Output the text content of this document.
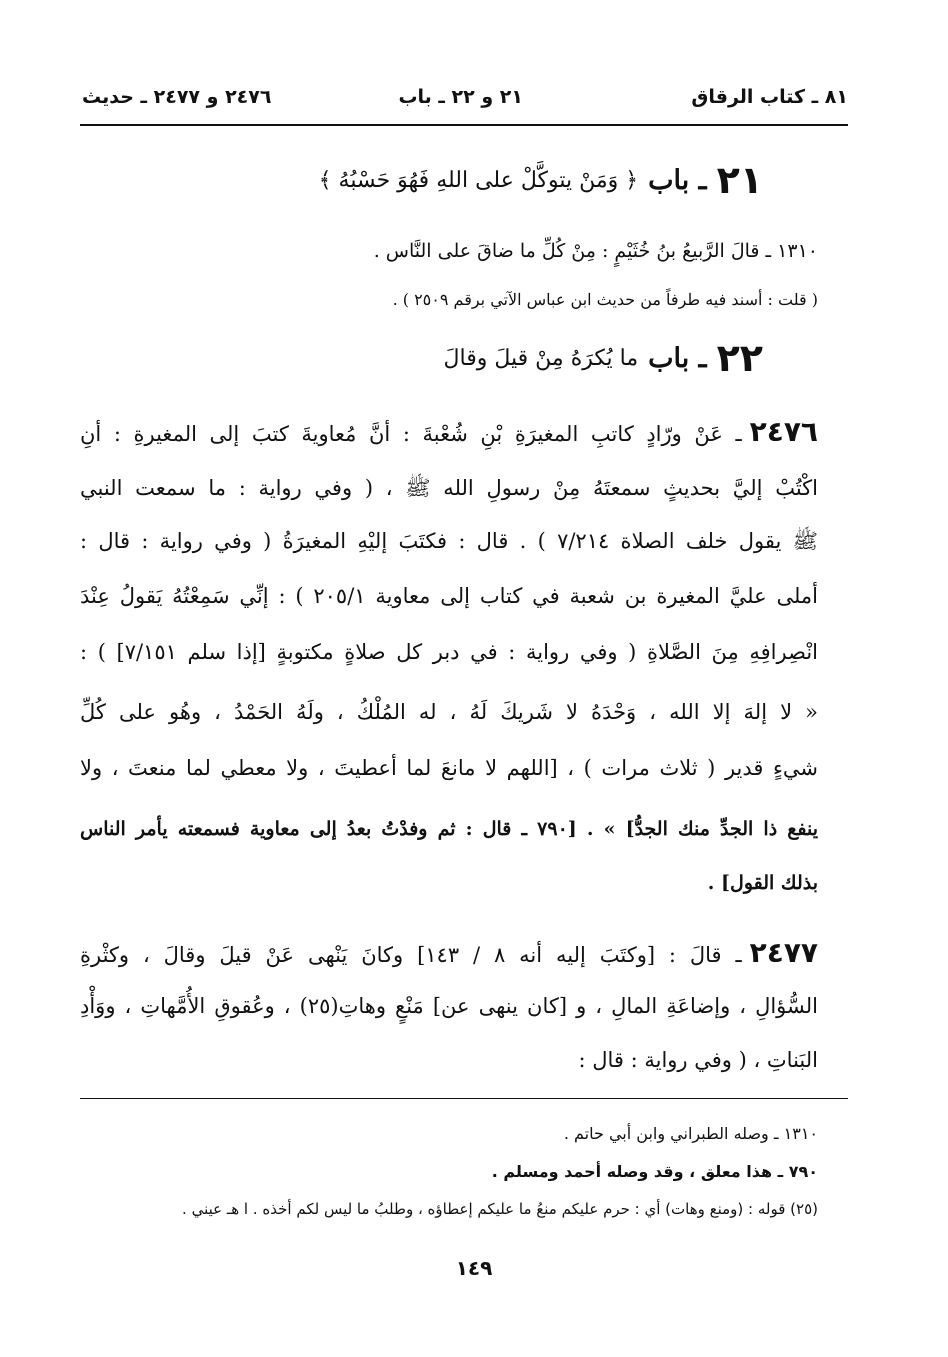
٨١ ـ كتاب الرقاق
٢١ و ٢٢ ـ باب
٢٤٧٦ و ٢٤٧٧ ـ حديث
٢١
ـ باب
﴿ وَمَنْ يتوكَّلْ على اللهِ فَهُوَ حَسْبُهُ ﴾
١٣١٠ ـ قالَ الرَّبيعُ بنُ خُثَيْمٍ : مِنْ كُلِّ ما ضاقَ على النَّاس .
( قلت : أسند فيه طرفاً من حديث ابن عباس الآتي برقم ٢٥٠٩ ) .
٢٢
ـ باب
ما يُكرَهُ مِنْ قيلَ وقالَ
٢٤٧٦ـ عَنْ ورّادٍ كاتبِ المغيرَةِ بْنِ شُعْبةَ : أنَّ مُعاويةَ كتبَ إلى المغيرةِ : أنِ
اكْتُبْ إليَّ بحديثٍ سمعتَهُ مِنْ رسولِ الله ﷺ ، ( وفي رواية : ما سمعت النبي
ﷺ يقول خلف الصلاة ٧/٢١٤ ) . قال : فكتَبَ إليْهِ المغيرَةُ ( وفي رواية : قال :
أملى عليَّ المغيرة بن شعبة في كتاب إلى معاوية ٢٠٥/١ ) : إنِّي سَمِعْتُهُ يَقولُ عِنْدَ
انْصِرافِهِ مِنَ الصَّلاةِ ( وفي رواية : في دبر كل صلاةٍ مكتوبةٍ [إذا سلم ٧/١٥١] ) :
« لا إلهَ إلا الله ، وَحْدَهُ لا شَريكَ لَهُ ، له المُلْكُ ، ولَهُ الحَمْدُ ، وهُو على كُلِّ
شيءٍ قدير ( ثلاث مرات ) ، [اللهم لا مانعَ لما أعطيتَ ، ولا معطي لما منعتَ ، ولا
ينفع ذا الجدِّ منك الجدُّ] » . [٧٩٠ ـ قال : ثم وفدْتُ بعدُ إلى معاوية فسمعته يأمر الناس
بذلك القول] .
٢٤٧٧ـ قالَ : [وكتَبَ إليه أنه ٨ / ١٤٣] وكانَ يَنْهى عَنْ قيلَ وقالَ ، وكثْرةِ
السُّؤالِ ، وإضاعَةِ المالِ ، و [كان ينهى عن] مَنْعٍ وهاتِ(٢٥) ، وعُقوقِ الأُمَّهاتِ ، ووَأْدِ
البَناتِ ، ( وفي رواية : قال :
١٣١٠ ـ وصله الطبراني وابن أبي حاتم .
٧٩٠ ـ هذا معلق ، وقد وصله أحمد ومسلم .
(٢٥) قوله : (ومنع وهات) أي : حرم عليكم منعُ ما عليكم إعطاؤه ، وطلبُ ما ليس لكم أخذه . ا هـ عيني .
١٤٩
